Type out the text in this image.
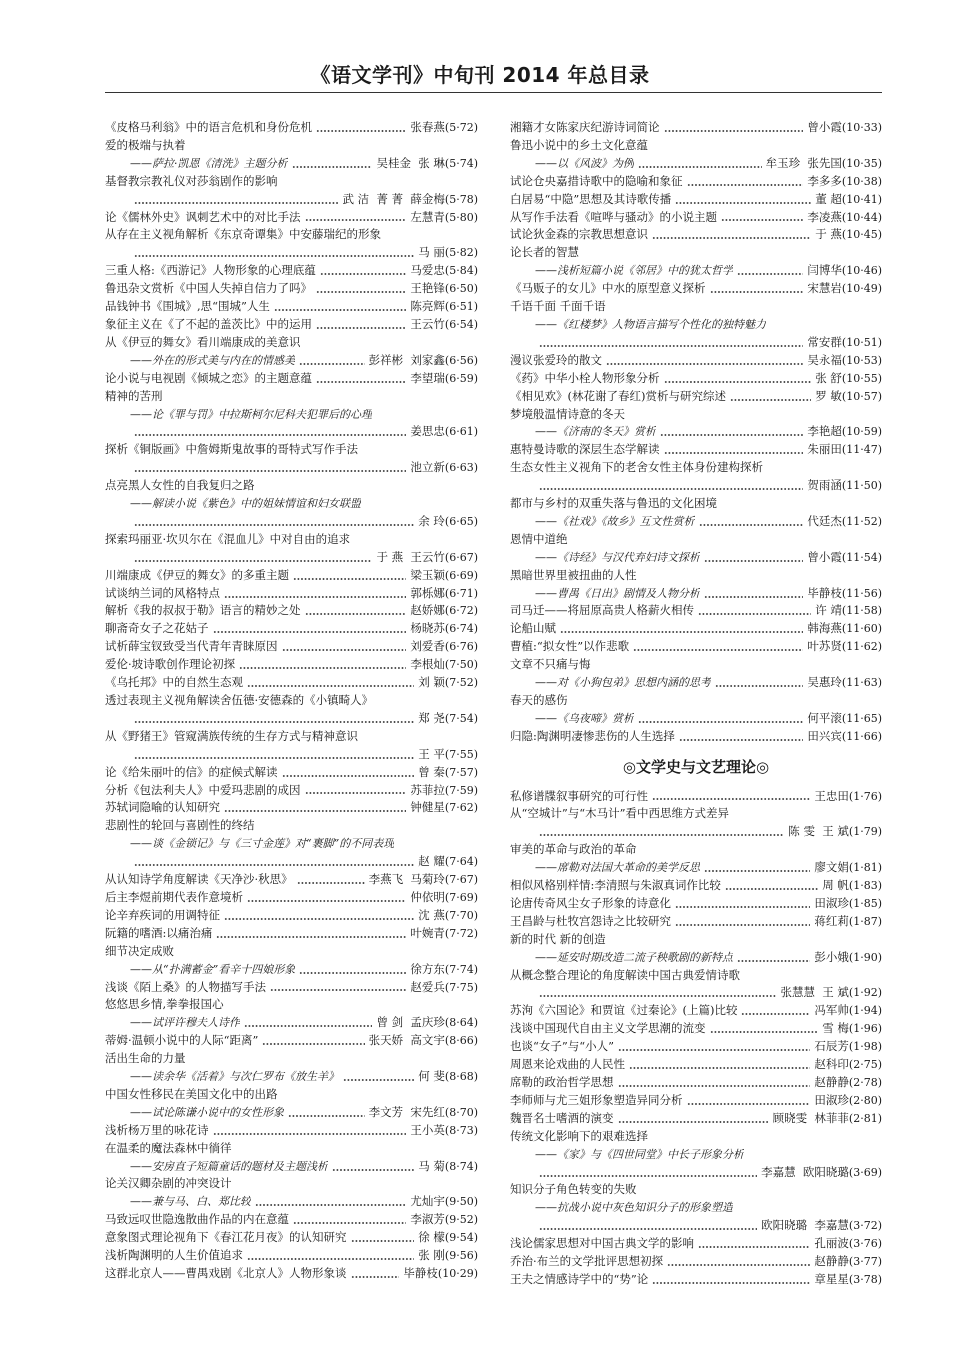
《语文学刊》中旬刊 2014 年总目录
《皮格马利翁》中的语言危机和身份危机	张春燕 (5·72)
爱的极端与执着
——萨拉·凯恩《清洗》主题分析	吴桂金  张 琳 (5·74)
基督教宗教礼仪对莎翁剧作的影响
武 洁  菁 菁  薛金梅 (5·78)
论《儒林外史》讽刺艺术中的对比手法	左慧青 (5·80)
从存在主义视角解析《东京奇谭集》中安藤瑞纪的形象
马 丽 (5·82)
三重人格:《西游记》人物形象的心理底蕴	马爱忠 (5·84)
鲁迅杂文赏析《中国人失掉自信力了吗》	王艳锋 (6·50)
品钱钟书《围城》,思“围城”人生	陈亮辉 (6·51)
象征主义在《了不起的盖茨比》中的运用	王云竹 (6·54)
从《伊豆的舞女》看川端康成的美意识
——外在的形式美与内在的情感美	彭祥彬  刘家鑫 (6·56)
论小说与电视剧《倾城之恋》的主题意蕴	李望瑞 (6·59)
精神的苦刑
——论《罪与罚》中拉斯柯尔尼科夫犯罪后的心理
姜思忠 (6·61)
探析《铜版画》中詹姆斯鬼故事的哥特式写作手法
池立新 (6·63)
点亮黑人女性的自我复归之路
——解读小说《紫色》中的姐妹情谊和妇女联盟
余 玲 (6·65)
探索玛丽亚·坎贝尔在《混血儿》中对自由的追求
于 燕  王云竹 (6·67)
川端康成《伊豆的舞女》的多重主题	梁玉颖 (6·69)
试谈纳兰词的风格特点	郭栎娜 (6·71)
解析《我的叔叔于勒》语言的精妙之处	赵娇娜 (6·72)
聊斋奇女子之花姑子	杨晓苏 (6·74)
试析薛宝钗致受当代青年青睐原因	刘爱香 (6·76)
爱伦·坡诗歌创作理论初探	李根灿 (7·50)
《乌托邦》中的自然生态观	刘 颖 (7·52)
透过表现主义视角解读舍伍德·安德森的《小镇畸人》
郑 尧 (7·54)
从《野猪王》管窥满族传统的生存方式与精神意识
王 平 (7·55)
论《给朱丽叶的信》的症候式解读	曾 秦 (7·57)
分析《包法利夫人》中爱玛悲剧的成因	苏菲拉 (7·59)
苏轼词隐喻的认知研究	钟健星 (7·62)
悲剧性的轮回与喜剧性的终结
——谈《金锁记》与《三寸金莲》对“裹脚”的不同表现
赵 耀 (7·64)
从认知诗学角度解读《天净沙·秋思》	李燕飞  马菊玲 (7·67)
后主李煜前期代表作意境析	仲依明 (7·69)
论辛弃疾词的用调特征	沈 燕 (7·70)
阮籍的嗜酒:以痛治痛	叶婉青 (7·72)
细节决定成败
——从“扑满蓄金”看辛十四娘形象	徐方东 (7·74)
浅谈《陌上桑》的人物描写手法	赵爱兵 (7·75)
悠悠思乡情,拳拳报国心
——试评许穆夫人诗作	曾 剑  孟庆珍 (8·64)
蒂姆·温顿小说中的人际“距离”	张天娇  高文宇 (8·66)
活出生命的力量
——读余华《活着》与次仁罗布《放生羊》	何 斐 (8·68)
中国女性移民在美国文化中的出路
——试论陈谦小说中的女性形象	李文芳  宋先红 (8·70)
浅析杨万里的咏花诗	王小英 (8·73)
在温柔的魔法森林中徜徉
——安房直子短篇童话的题材及主题浅析	马 菊 (8·74)
论关汉卿杂剧的冲突设计
——兼与马、白、郑比较	尤灿宇 (9·50)
马致远叹世隐逸散曲作品的内在意蕴	李淑芳 (9·52)
意象图式理论视角下《春江花月夜》的认知研究	徐 檬 (9·54)
浅析陶渊明的人生价值追求	张 刚 (9·56)
这群北京人——曹禺戏剧《北京人》人物形象谈	毕静枝 (10·29)
湘籍才女陈家庆纪游诗词简论	曾小霞 (10·33)
鲁迅小说中的乡土文化意蕴
——以《风波》为例	牟玉珍  张先国 (10·35)
试论仓央嘉措诗歌中的隐喻和象征	李多多 (10·38)
白居易“中隐”思想及其诗歌传播	董 超 (10·41)
从写作手法看《喧哗与骚动》的小说主题	李凌燕 (10·44)
试论狄金森的宗教思想意识	于 燕 (10·45)
论长者的智慧
——浅析短篇小说《邻居》中的犹太哲学	闫博华 (10·46)
《马贩子的女儿》中水的原型意义探析	宋慧岩 (10·49)
千语千面 千面千语
——《红楼梦》人物语言描写个性化的独特魅力
常安群 (10·51)
漫议张爱玲的散文	吴永福 (10·53)
《药》中华小栓人物形象分析	张 舒 (10·55)
《相见欢》(林花谢了春红)赏析与研究综述	罗 敏 (10·57)
梦境般温情诗意的冬天
——《济南的冬天》赏析	李艳超 (10·59)
惠特曼诗歌的深层生态学解读	朱丽田 (11·47)
生态女性主义视角下的老舍女性主体身份建构探析
贺雨涵 (11·50)
都市与乡村的双重失落与鲁迅的文化困境
——《社戏》《故乡》互文性赏析	代廷杰 (11·52)
恩情中道绝
——《诗经》与汉代弃妇诗文探析	曾小霞 (11·54)
黑暗世界里被扭曲的人性
——曹禺《日出》剧情及人物分析	毕静枝 (11·56)
司马迁——将屈原高贵人格薪火相传	许 靖 (11·58)
论船山赋	韩海燕 (11·60)
曹植:“拟女性”以作悲歌	叶苏贤 (11·62)
文章不只痛与悔
——对《小狗包弟》思想内涵的思考	吴惠玲 (11·63)
春天的感伤
——《乌夜啼》赏析	何平滚 (11·65)
归隐:陶渊明凄惨悲伤的人生选择	田兴宾 (11·66)
◎文学史与文艺理论◎
私修谱牒叙事研究的可行性	王忠田 (1·76)
从“空城计”与“木马计”看中西思维方式差异
陈 雯  王 斌 (1·79)
审美的革命与政治的革命
——席勒对法国大革命的美学反思	廖文娟 (1·81)
相似风格别样情:李清照与朱淑真词作比较	周 帆 (1·83)
论唐传奇风尘女子形象的诗意化	田淑珍 (1·85)
王昌龄与杜牧宫怨诗之比较研究	蒋红莉 (1·87)
新的时代 新的创造
——延安时期改造二流子秧歌剧的新特点	彭小娥 (1·90)
从概念整合理论的角度解读中国古典爱情诗歌
张慧慧  王 斌 (1·92)
苏洵《六国论》和贾谊《过秦论》(上篇)比较	冯军帅 (1·94)
浅谈中国现代自由主义文学思潮的流变	雪 梅 (1·96)
也谈“女子”与“小人”	石辰芳 (1·98)
周恩来论戏曲的人民性	赵科印 (2·75)
席勒的政治哲学思想	赵静静 (2·78)
李师师与尤三姐形象塑造异同分析	田淑珍 (2·80)
魏晋名士嗜酒的演变	顾晓雯  林菲菲 (2·81)
传统文化影响下的艰难选择
——《家》与《四世同堂》中长子形象分析
李嘉慧  欧阳晓璐 (3·69)
知识分子角色转变的失败
——抗战小说中灰色知识分子的形象塑造
欧阳晓璐  李嘉慧 (3·72)
浅论儒家思想对中国古典文学的影响	孔丽波 (3·76)
乔治·布兰的文学批评思想初探	赵静静 (3·77)
王夫之情感诗学中的“势”论	章星星 (3·78)
